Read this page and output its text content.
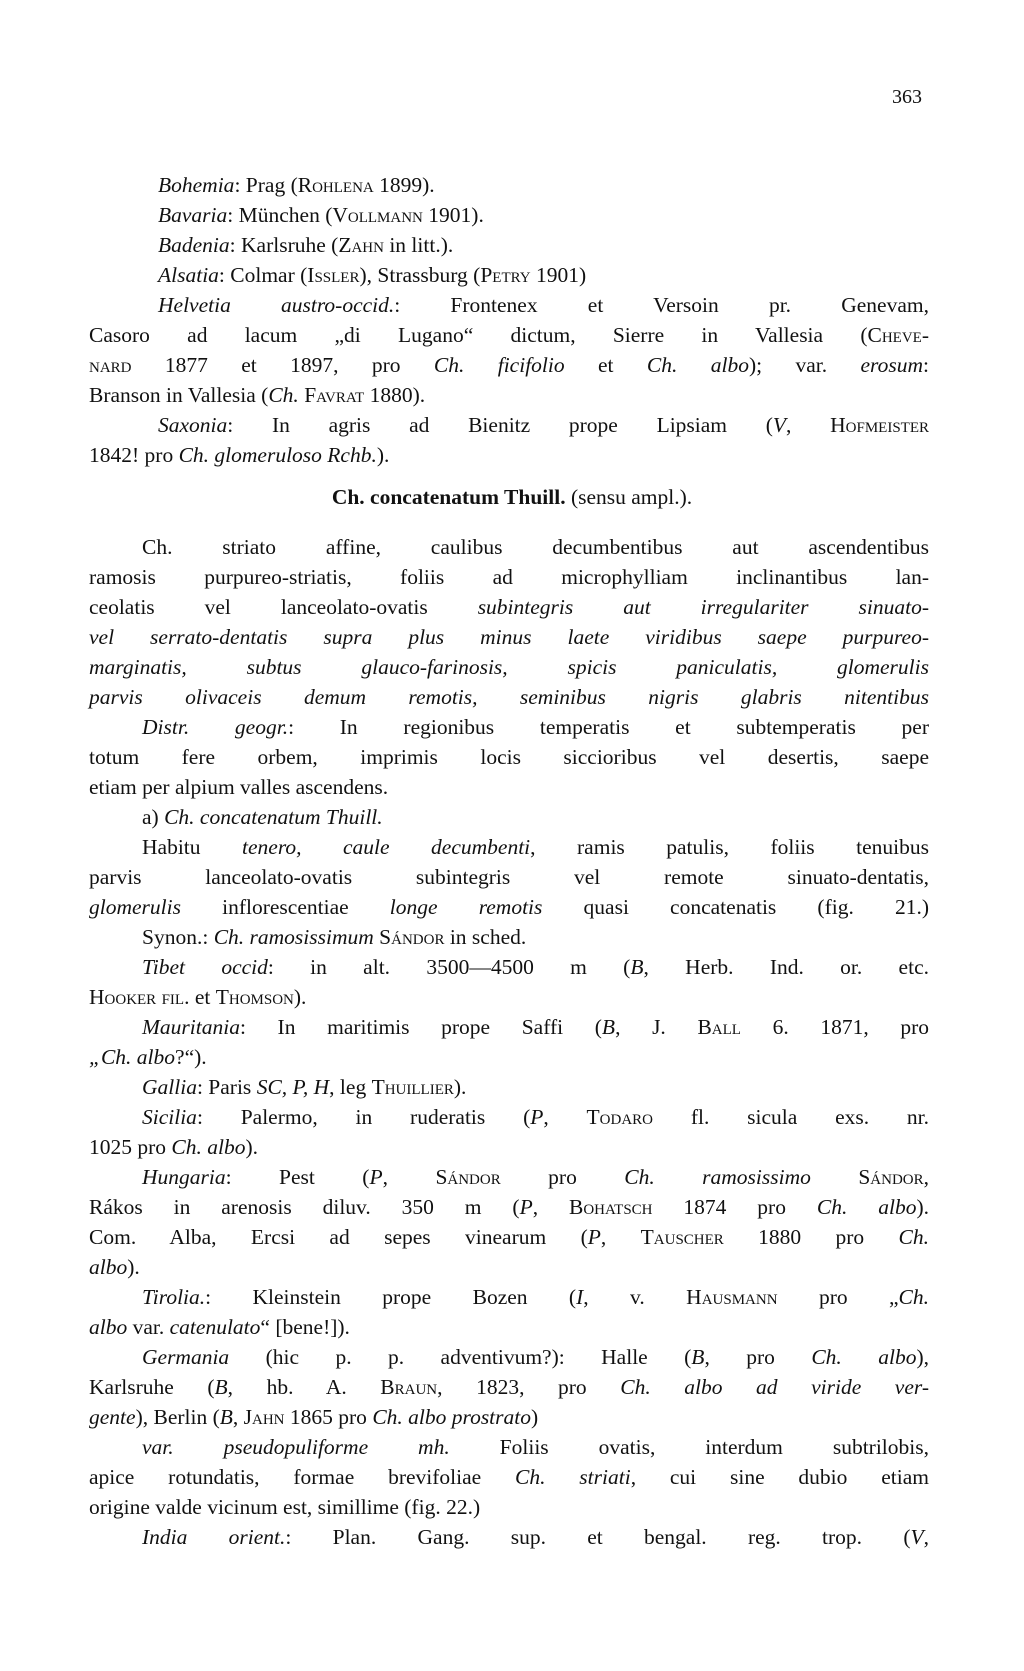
363
Bohemia: Prag (Rohlena 1899).
Bavaria: München (Vollmann 1901).
Badenia: Karlsruhe (Zahn in litt.).
Alsatia: Colmar (Issler), Strassburg (Petry 1901)
Helvetia austro-occid.: Frontenex et Versoin pr. Genevam,
Casoro ad lacum „di Lugano“ dictum, Sierre in Vallesia (Cheve-
nard 1877 et 1897, pro Ch. ficifolio et Ch. albo); var. erosum:
Branson in Vallesia (Ch. Favrat 1880).
Saxonia: In agris ad Bienitz prope Lipsiam (V, Hofmeister
1842! pro Ch. glomeruloso Rchb.).
Ch. concatenatum Thuill. (sensu ampl.).
Ch. striato affine, caulibus decumbentibus aut ascendentibus
ramosis purpureo-striatis, foliis ad microphylliam inclinantibus lan-
ceolatis vel lanceolato-ovatis subintegris aut irregulariter sinuato-
vel serrato-dentatis supra plus minus laete viridibus saepe purpureo-
marginatis, subtus glauco-farinosis, spicis paniculatis, glomerulis
parvis olivaceis demum remotis, seminibus nigris glabris nitentibus
Distr. geogr.: In regionibus temperatis et subtemperatis per
totum fere orbem, imprimis locis siccioribus vel desertis, saepe
etiam per alpium valles ascendens.
a) Ch. concatenatum Thuill.
Habitu tenero, caule decumbenti, ramis patulis, foliis tenuibus
parvis lanceolato-ovatis subintegris vel remote sinuato-dentatis,
glomerulis inflorescentiae longe remotis quasi concatenatis (fig. 21.)
Synon.: Ch. ramosissimum Sándor in sched.
Tibet occid: in alt. 3500—4500 m (B, Herb. Ind. or. etc.
Hooker fil. et Thomson).
Mauritania: In maritimis prope Saffi (B, J. Ball 6. 1871, pro
„Ch. albo?“).
Gallia: Paris SC, P, H, leg Thuillier).
Sicilia: Palermo, in ruderatis (P, Todaro fl. sicula exs. nr.
1025 pro Ch. albo).
Hungaria: Pest (P, Sándor pro Ch. ramosissimo Sándor,
Rákos in arenosis diluv. 350 m (P, Bohatsch 1874 pro Ch. albo).
Com. Alba, Ercsi ad sepes vinearum (P, Tauscher 1880 pro Ch.
albo).
Tirolia.: Kleinstein prope Bozen (I, v. Hausmann pro „Ch.
albo var. catenulato“ [bene!]).
Germania (hic p. p. adventivum?): Halle (B, pro Ch. albo),
Karlsruhe (B, hb. A. Braun, 1823, pro Ch. albo ad viride ver-
gente), Berlin (B, Jahn 1865 pro Ch. albo prostrato)
var. pseudopuliforme mh. Foliis ovatis, interdum subtrilobis,
apice rotundatis, formae brevifoliae Ch. striati, cui sine dubio etiam
origine valde vicinum est, simillime (fig. 22.)
India orient.: Plan. Gang. sup. et bengal. reg. trop. (V,
